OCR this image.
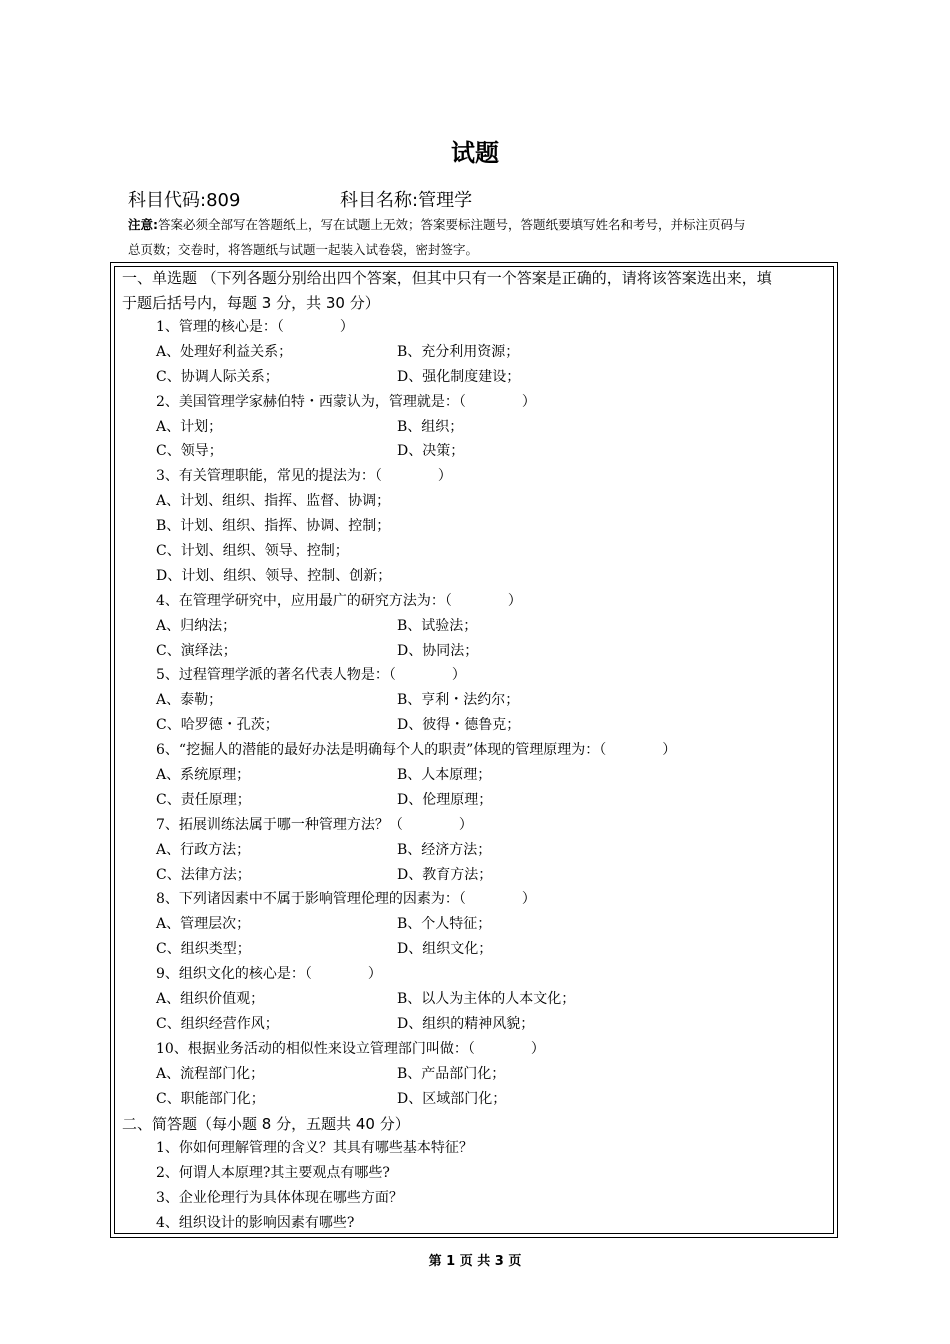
试题
科目代码:809	科目名称:管理学
注意:答案必须全部写在答题纸上，写在试题上无效；答案要标注题号，答题纸要填写姓名和考号，并标注页码与
总页数；交卷时，将答题纸与试题一起装入试卷袋，密封签字。
一、单选题 （下列各题分别给出四个答案，但其中只有一个答案是正确的，请将该答案选出来，填
于题后括号内，每题 3 分，共 30 分）
1、管理的核心是：（　　　　）
A、处理好利益关系；	B、充分利用资源；
C、协调人际关系；	D、强化制度建设；
2、美国管理学家赫伯特・西蒙认为，管理就是：（　　　　）
A、计划；	B、组织；
C、领导；	D、决策；
3、有关管理职能，常见的提法为：（　　　　）
A、计划、组织、指挥、监督、协调；
B、计划、组织、指挥、协调、控制；
C、计划、组织、领导、控制；
D、计划、组织、领导、控制、创新；
4、在管理学研究中，应用最广的研究方法为：（　　　　）
A、归纳法；	B、试验法；
C、演绎法；	D、协同法；
5、过程管理学派的著名代表人物是：（　　　　）
A、泰勒；	B、亨利・法约尔；
C、哈罗德・孔茨；	D、彼得・德鲁克；
6、“挖掘人的潜能的最好办法是明确每个人的职责”体现的管理原理为：（　　　　）
A、系统原理；	B、人本原理；
C、责任原理；	D、伦理原理；
7、拓展训练法属于哪一种管理方法？（　　　　）
A、行政方法；	B、经济方法；
C、法律方法；	D、教育方法；
8、下列诸因素中不属于影响管理伦理的因素为：（　　　　）
A、管理层次；	B、个人特征；
C、组织类型；	D、组织文化；
9、组织文化的核心是：（　　　　）
A、组织价值观；	B、以人为主体的人本文化；
C、组织经营作风；	D、组织的精神风貌；
10、根据业务活动的相似性来设立管理部门叫做：（　　　　）
A、流程部门化；	B、产品部门化；
C、职能部门化；	D、区域部门化；
二、简答题（每小题 8 分，五题共 40 分）
1、你如何理解管理的含义？其具有哪些基本特征？
2、何谓人本原理?其主要观点有哪些?
3、企业伦理行为具体体现在哪些方面？
4、组织设计的影响因素有哪些?
第 1 页 共 3 页
